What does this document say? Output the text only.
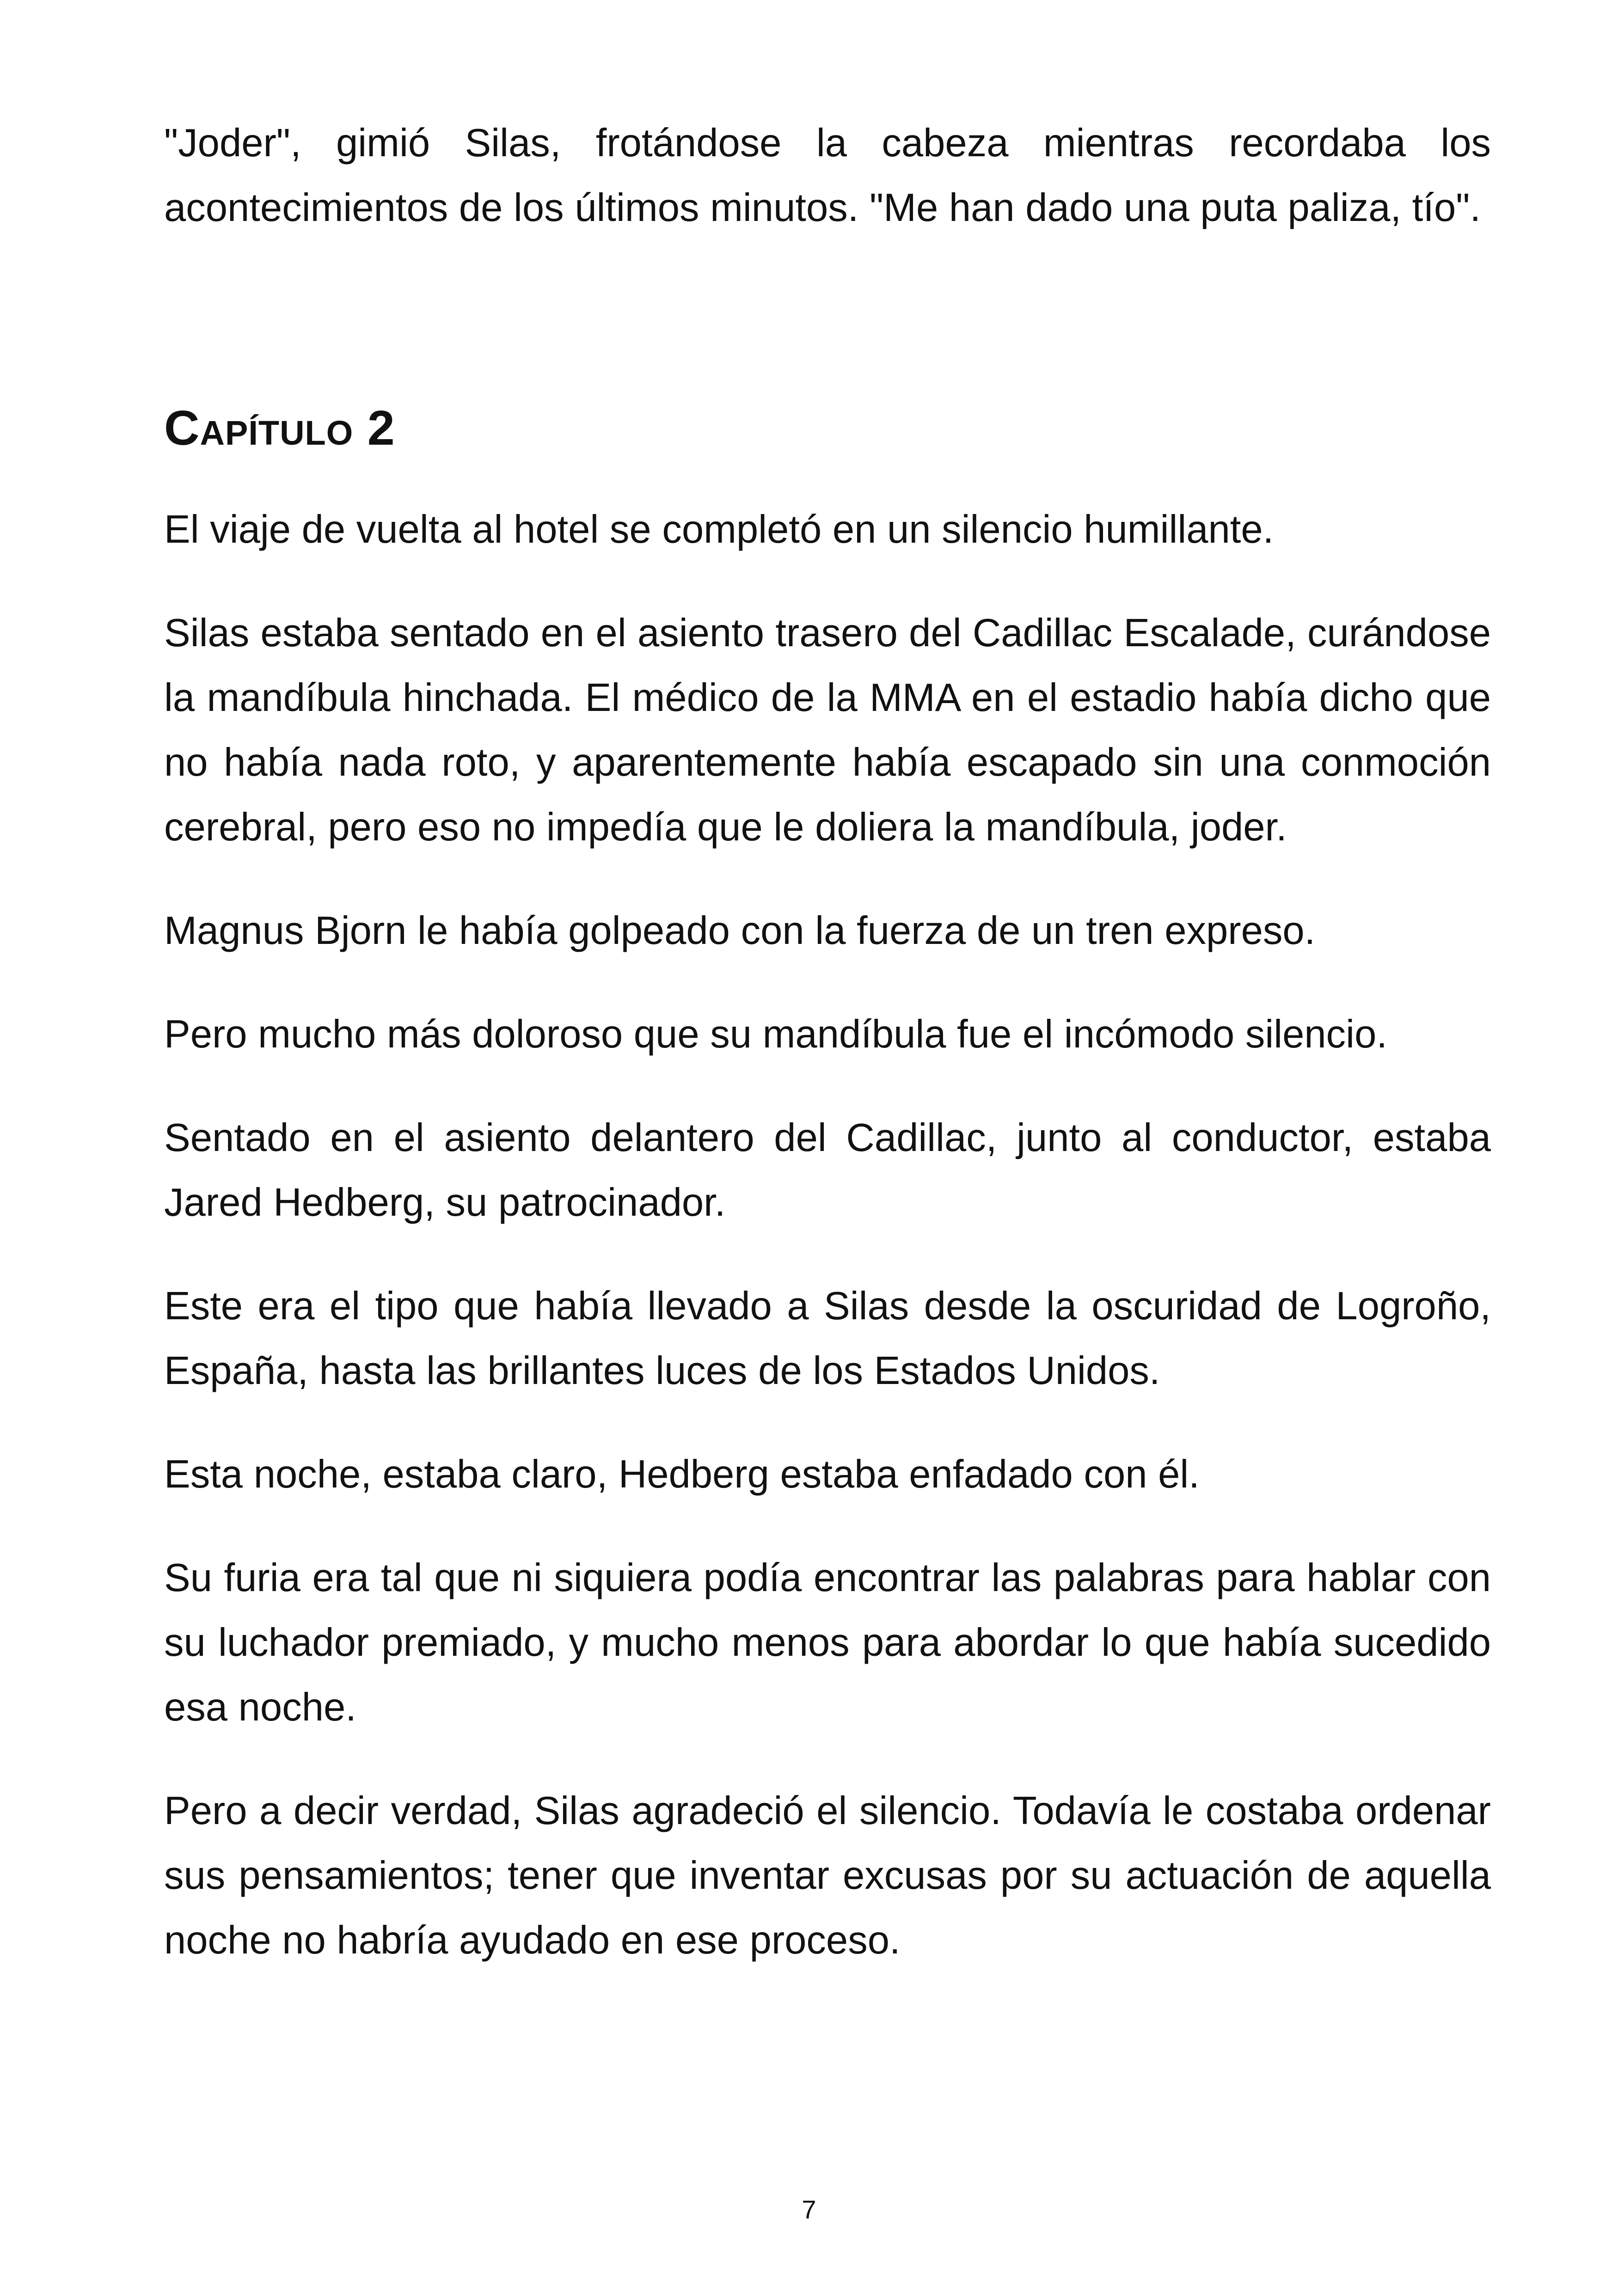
"Joder", gimió Silas, frotándose la cabeza mientras recordaba los acontecimientos de los últimos minutos. "Me han dado una puta paliza, tío".

Capítulo 2

El viaje de vuelta al hotel se completó en un silencio humillante.

Silas estaba sentado en el asiento trasero del Cadillac Escalade, curándose la mandíbula hinchada. El médico de la MMA en el estadio había dicho que no había nada roto, y aparentemente había escapado sin una conmoción cerebral, pero eso no impedía que le doliera la mandíbula, joder.

Magnus Bjorn le había golpeado con la fuerza de un tren expreso.

Pero mucho más doloroso que su mandíbula fue el incómodo silencio.

Sentado en el asiento delantero del Cadillac, junto al conductor, estaba Jared Hedberg, su patrocinador.

Este era el tipo que había llevado a Silas desde la oscuridad de Logroño, España, hasta las brillantes luces de los Estados Unidos.

Esta noche, estaba claro, Hedberg estaba enfadado con él.

Su furia era tal que ni siquiera podía encontrar las palabras para hablar con su luchador premiado, y mucho menos para abordar lo que había sucedido esa noche.

Pero a decir verdad, Silas agradeció el silencio. Todavía le costaba ordenar sus pensamientos; tener que inventar excusas por su actuación de aquella noche no habría ayudado en ese proceso.

7
